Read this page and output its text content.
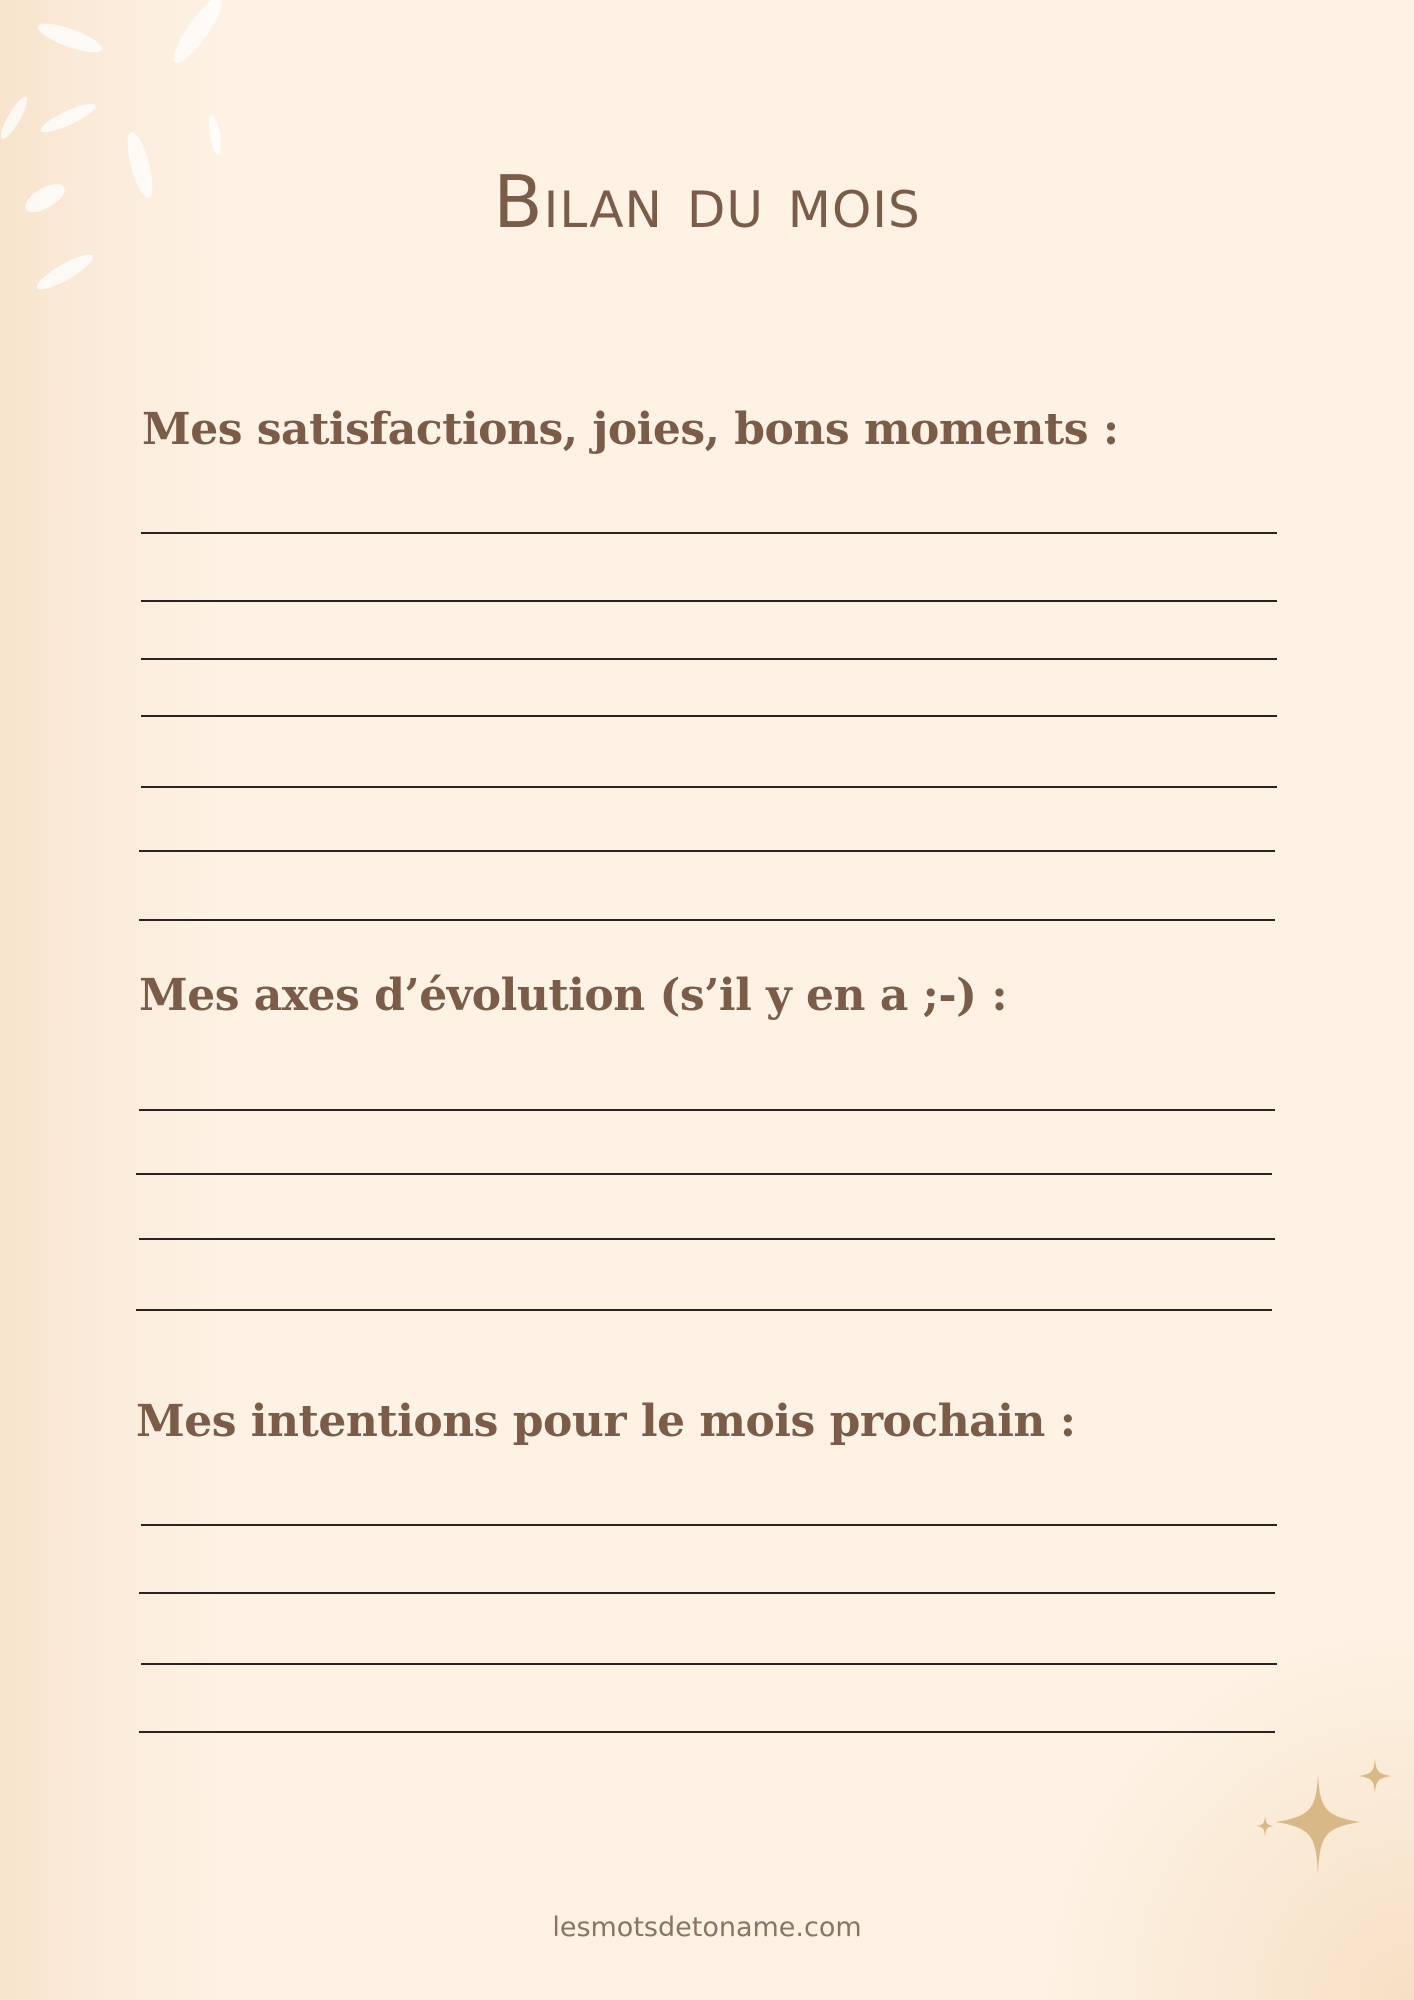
Bilan du mois
Mes satisfactions, joies, bons moments :
Mes axes d’évolution (s’il y en a ;-) :
Mes intentions pour le mois prochain :
lesmotsdetoname.com
